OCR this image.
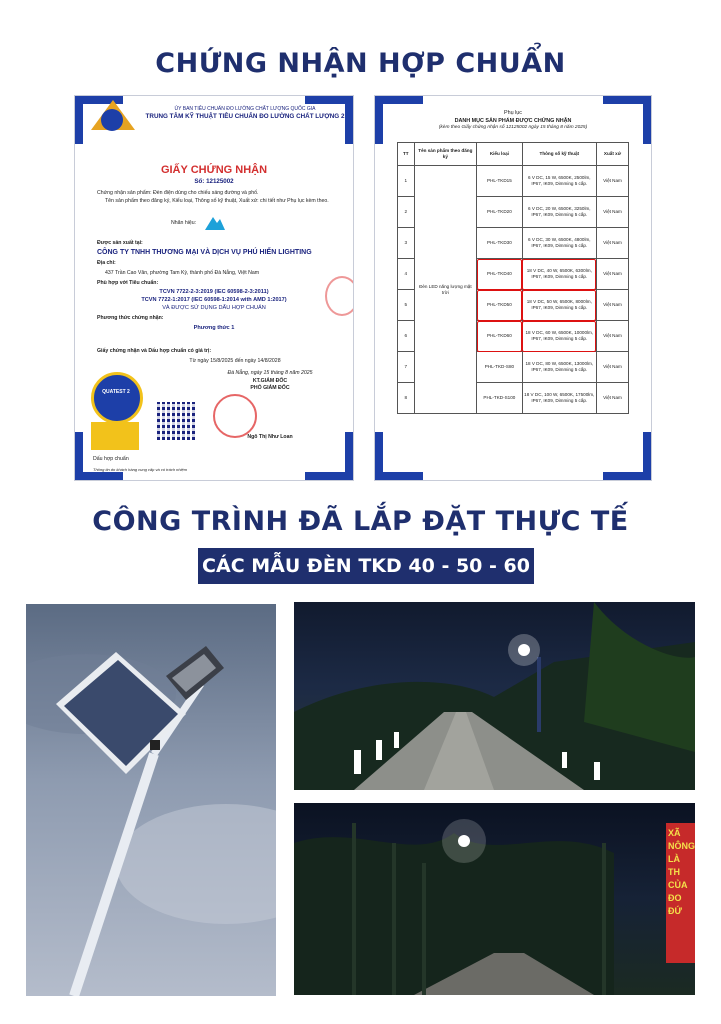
CHỨNG NHẬN HỢP CHUẨN
ỦY BAN TIÊU CHUẨN ĐO LƯỜNG CHẤT LƯỢNG QUỐC GIA
TRUNG TÂM KỸ THUẬT TIÊU CHUẨN ĐO LƯỜNG CHẤT LƯỢNG 2
GIẤY CHỨNG NHẬN
Số: 12125002
Chứng nhận sản phẩm: Đèn điện dùng cho chiếu sáng đường và phố.
Tên sản phẩm theo đăng ký, Kiểu loại, Thông số kỹ thuật, Xuất xứ: chi tiết như Phụ lục kèm theo.
Nhãn hiệu:
Được sản xuất tại:
CÔNG TY TNHH THƯƠNG MẠI VÀ DỊCH VỤ PHÚ HIỂN LIGHTING
Địa chỉ:
437 Trần Cao Vân, phường Tam Kỳ, thành phố Đà Nẵng, Việt Nam
Phù hợp với Tiêu chuẩn:
TCVN 7722-2-3:2019 (IEC 60598-2-3:2011)
TCVN 7722-1:2017 (IEC 60598-1:2014 with AMD 1:2017)
VÀ ĐƯỢC SỬ DỤNG DẤU HỢP CHUẨN
Phương thức chứng nhận:
Phương thức 1
Giấy chứng nhận và Dấu hợp chuẩn có giá trị:
Từ ngày 15/8/2025 đến ngày 14/8/2028
Đà Nẵng, ngày 15 tháng 8 năm 2025
KT.GIÁM ĐỐC
PHÓ GIÁM ĐỐC
Ngô Thị Như Loan
QUATEST 2
Dấu hợp chuẩn
Thông tin do khách hàng cung cấp và có trách nhiệm
Phụ lục
DANH MỤC SẢN PHẨM ĐƯỢC CHỨNG NHẬN
(kèm theo Giấy chứng nhận số 12125002 ngày 15 tháng 8 năm 2025)
TT	Tên sản phẩm theo đăng ký	Kiểu loại	Thông số kỹ thuật	Xuất xứ
1	Đèn LED năng lượng mặt trời	PHL-TKD15	6 V DC, 15 W, 6500K, 2500lm, IP67, IK09, Dimming 5 cấp.	Việt Nam
2		PHL-TKD20	6 V DC, 20 W, 6500K, 3250lm, IP67, IK09, Dimming 5 cấp.	Việt Nam
3		PHL-TKD30	6 V DC, 30 W, 6500K, 4800lm, IP67, IK09, Dimming 5 cấp.	Việt Nam
4		PHL-TKD40	18 V DC, 40 W, 6500K, 6300lm, IP67, IK09, Dimming 5 cấp.	Việt Nam
5		PHL-TKD50	18 V DC, 50 W, 6500K, 8000lm, IP67, IK09, Dimming 5 cấp.	Việt Nam
6		PHL-TKD60	18 V DC, 60 W, 6500K, 10000lm, IP67, IK09, Dimming 5 cấp.	Việt Nam
7		PHL-TKD-S80	18 V DC, 80 W, 6500K, 13000lm, IP67, IK09, Dimming 5 cấp.	Việt Nam
8		PHL-TKD-S100	18 V DC, 100 W, 6500K, 17500lm, IP67, IK09, Dimming 5 cấp.	Việt Nam
CÔNG TRÌNH ĐÃ LẮP ĐẶT THỰC TẾ
CÁC MẪU ĐÈN TKD 40 - 50 - 60
XÃ NÔNG LÀ TH CỦA ĐO ĐỨ
